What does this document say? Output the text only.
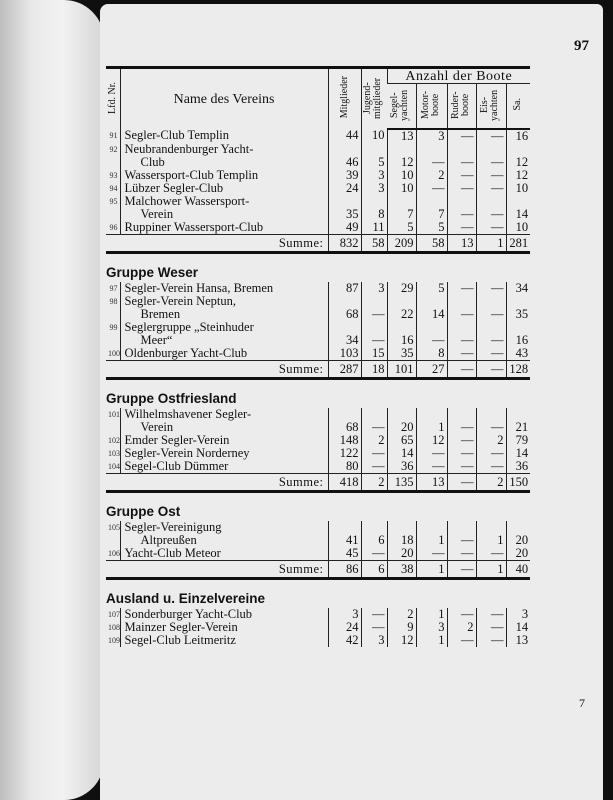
97
Lfd. Nr.	Name des Vereins	Mitglieder	Jugend- mitglieder	Anzahl der Boote				
				Segel- yachten	Motor- boote	Ruder- boote	Eis- yachten	Sa.
91	Segler-Club Templin	44	10	13	3	—	—	16
92	Neubrandenburger Yacht-							
	Club	46	5	12	—	—	—	12
93	Wassersport-Club Templin	39	3	10	2	—	—	12
94	Lübzer Segler-Club	24	3	10	—	—	—	10
95	Malchower Wassersport-							
	Verein	35	8	7	7	—	—	14
96	Ruppiner Wassersport-Club	49	11	5	5	—	—	10
Summe:		832	58	209	58	13	1	281

Gruppe Weser								
97	Segler-Verein Hansa, Bremen	87	3	29	5	—	—	34
98	Segler-Verein Neptun,							
	Bremen	68	—	22	14	—	—	35
99	Seglergruppe „Steinhuder							
	Meer“	34	—	16	—	—	—	16
100	Oldenburger Yacht-Club	103	15	35	8	—	—	43
Summe:		287	18	101	27	—	—	128

Gruppe Ostfriesland								
101	Wilhelmshavener Segler-							
	Verein	68	—	20	1	—	—	21
102	Emder Segler-Verein	148	2	65	12	—	2	79
103	Segler-Verein Norderney	122	—	14	—	—	—	14
104	Segel-Club Dümmer	80	—	36	—	—	—	36
Summe:		418	2	135	13	—	2	150

Gruppe Ost								
105	Segler-Vereinigung							
	Altpreußen	41	6	18	1	—	1	20
106	Yacht-Club Meteor	45	—	20	—	—	—	20
Summe:		86	6	38	1	—	1	40

Ausland u. Einzelvereine								
107	Sonderburger Yacht-Club	3	—	2	1	—	—	3
108	Mainzer Segler-Verein	24	—	9	3	2	—	14
109	Segel-Club Leitmeritz	42	3	12	1	—	—	13
7
